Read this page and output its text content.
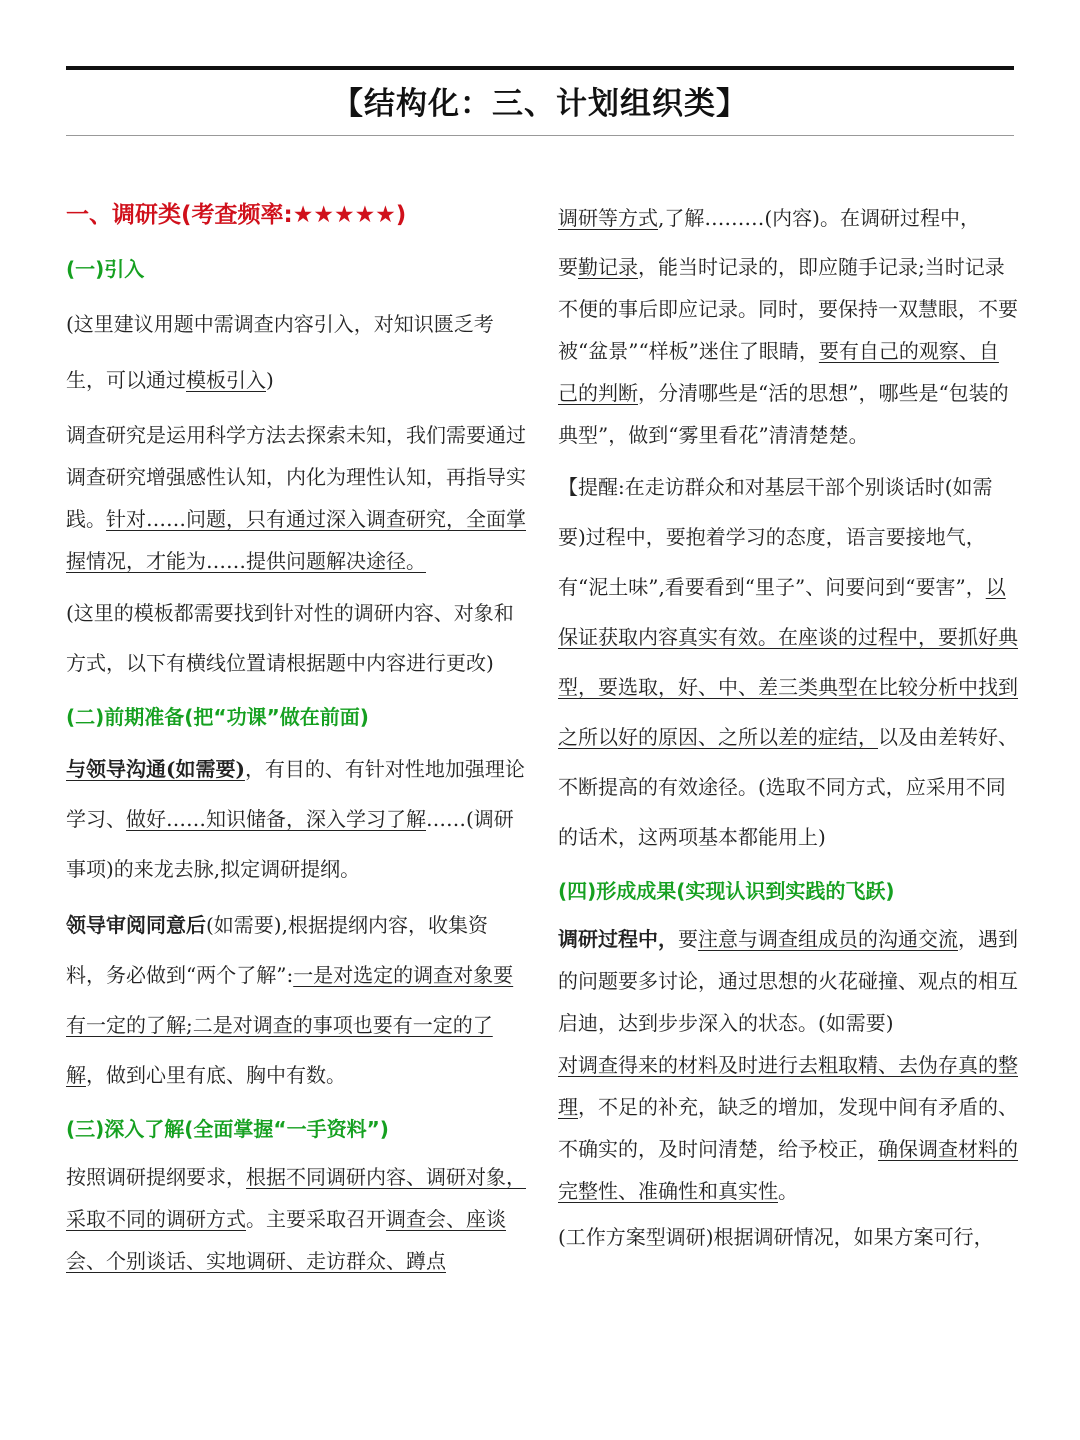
【结构化：三、计划组织类】
一、调研类(考查频率:★★★★★)
(一)引入

(这里建议用题中需调查内容引入，对知识匮乏考生，可以通过模板引入)

调查研究是运用科学方法去探索未知，我们需要通过调查研究增强感性认知，内化为理性认知，再指导实践。针对……问题，只有通过深入调查研究，全面掌握情况，才能为……提供问题解决途径。

(这里的模板都需要找到针对性的调研内容、对象和方式，以下有横线位置请根据题中内容进行更改)

(二)前期准备(把“功课”做在前面)

与领导沟通(如需要)，有目的、有针对性地加强理论学习、做好……知识储备，深入学习了解……(调研事项)的来龙去脉,拟定调研提纲。

领导审阅同意后(如需要),根据提纲内容，收集资料，务必做到“两个了解”:一是对选定的调查对象要有一定的了解;二是对调查的事项也要有一定的了解，做到心里有底、胸中有数。

(三)深入了解(全面掌握“一手资料”)

按照调研提纲要求，根据不同调研内容、调研对象，采取不同的调研方式。主要采取召开调查会、座谈会、个别谈话、实地调研、走访群众、蹲点

调研等方式,了解………(内容)。在调研过程中，

要勤记录，能当时记录的，即应随手记录;当时记录不便的事后即应记录。同时，要保持一双慧眼，不要被“盆景”“样板”迷住了眼睛，要有自己的观察、自己的判断，分清哪些是“活的思想”，哪些是“包装的典型”，做到“雾里看花”清清楚楚。

【提醒:在走访群众和对基层干部个别谈话时(如需要)过程中，要抱着学习的态度，语言要接地气，有“泥土味”,看要看到“里子”、问要问到“要害”，以保证获取内容真实有效。在座谈的过程中，要抓好典型，要选取，好、中、差三类典型在比较分析中找到之所以好的原因、之所以差的症结，以及由差转好、不断提高的有效途径。(选取不同方式，应采用不同的话术，这两项基本都能用上)

(四)形成成果(实现认识到实践的飞跃)

调研过程中，要注意与调查组成员的沟通交流，遇到的问题要多讨论，通过思想的火花碰撞、观点的相互启迪，达到步步深入的状态。(如需要)

对调查得来的材料及时进行去粗取精、去伪存真的整理，不足的补充，缺乏的增加，发现中间有矛盾的、不确实的，及时问清楚，给予校正，确保调查材料的完整性、准确性和真实性。

(工作方案型调研)根据调研情况，如果方案可行，
